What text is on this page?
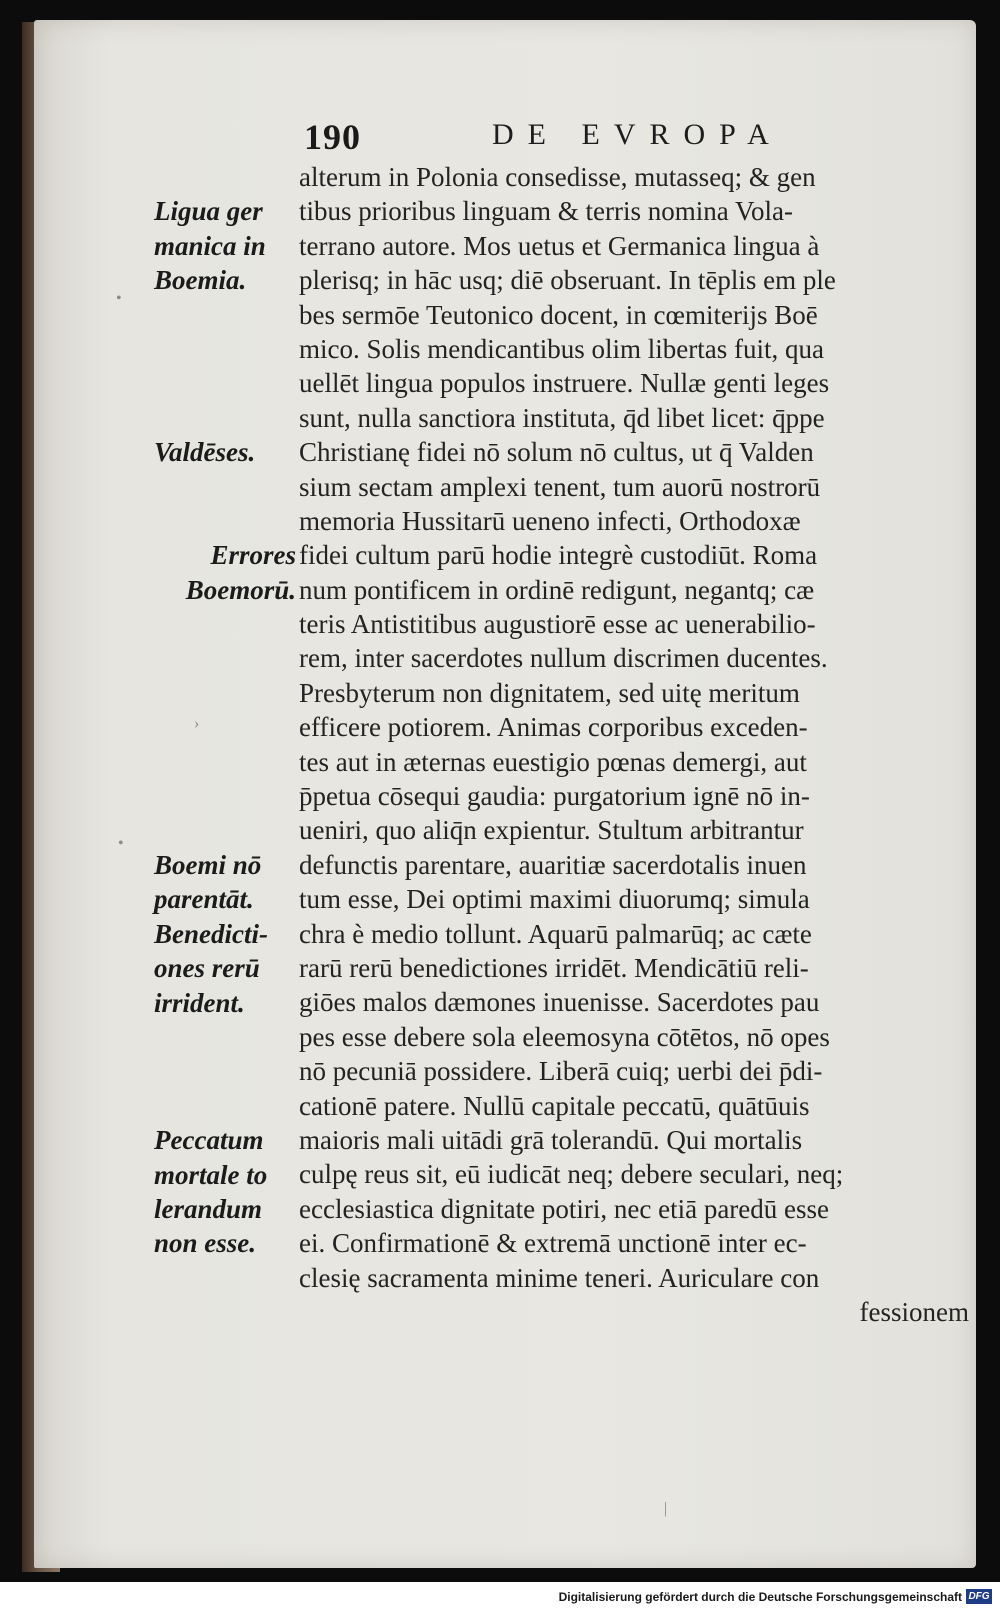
190	DE EVROPA
Ligua ger
manica in
Boemia.
Valdēses.
Errores
Boemorū.
Boemi nō
parentāt.
Benedicti-
ones rerū
irrident.
Peccatum
mortale to
lerandum
non esse.
alterum in Polonia consedisse, mutasseq; & gen
tibus prioribus linguam & terris nomina Vola-
terrano autore. Mos uetus et Germanica lingua à
plerisq; in hāc usq; diē obseruant. In tēplis em ple
bes sermōe Teutonico docent, in cœmiterijs Boē
mico. Solis mendicantibus olim libertas fuit, qua
uellēt lingua populos instruere. Nullæ genti leges
sunt, nulla sanctiora instituta, q̄d libet licet: q̄ppe
Christianę fidei nō solum nō cultus, ut q̄ Valden
sium sectam amplexi tenent, tum auorū nostrorū
memoria Hussitarū ueneno infecti, Orthodoxæ
fidei cultum parū hodie integrè custodiūt. Roma
num pontificem in ordinē redigunt, negantq; cæ
teris Antistitibus augustiorē esse ac uenerabilio-
rem, inter sacerdotes nullum discrimen ducentes.
Presbyterum non dignitatem, sed uitę meritum
efficere potiorem. Animas corporibus exceden-
tes aut in æternas euestigio pœnas demergi, aut
p̄petua cōsequi gaudia: purgatorium ignē nō in-
ueniri, quo aliq̄n expientur. Stultum arbitrantur
defunctis parentare, auaritiæ sacerdotalis inuen
tum esse, Dei optimi maximi diuorumq; simula
chra è medio tollunt. Aquarū palmarūq; ac cæte
rarū rerū benedictiones irridēt. Mendicātiū reli-
giōes malos dæmones inuenisse. Sacerdotes pau
pes esse debere sola eleemosyna cōtētos, nō opes
nō pecuniā possidere. Liberā cuiq; uerbi dei p̄di-
cationē patere. Nullū capitale peccatū, quātūuis
maioris mali uitādi grā tolerandū. Qui mortalis
culpę reus sit, eū iudicāt neq; debere seculari, neq;
ecclesiastica dignitate potiri, nec etiā paredū esse
ei. Confirmationē & extremā unctionē inter ec-
clesię sacramenta minime teneri. Auriculare con
fessionem
•
›
•
|
Digitalisierung gefördert durch die Deutsche Forschungsgemeinschaft DFG
